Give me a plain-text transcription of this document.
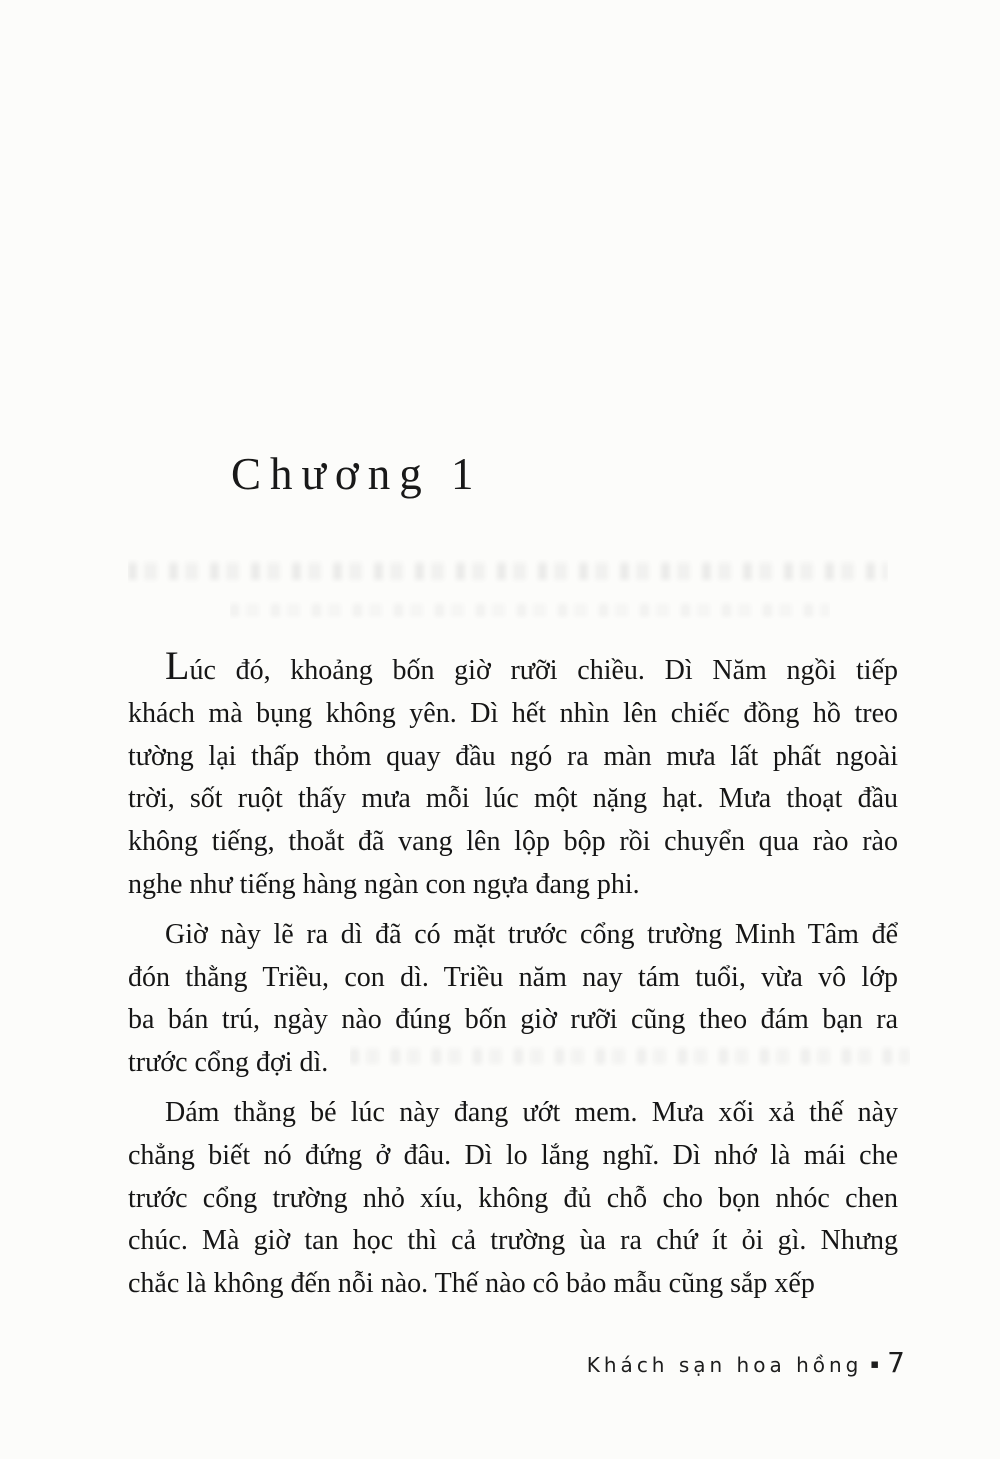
Chương 1
Lúc đó, khoảng bốn giờ rưỡi chiều. Dì Năm ngồi tiếp
khách mà bụng không yên. Dì hết nhìn lên chiếc đồng hồ treo
tường lại thấp thỏm quay đầu ngó ra màn mưa lất phất ngoài
trời, sốt ruột thấy mưa mỗi lúc một nặng hạt. Mưa thoạt đầu
không tiếng, thoắt đã vang lên lộp bộp rồi chuyển qua rào rào
nghe như tiếng hàng ngàn con ngựa đang phi.
Giờ này lẽ ra dì đã có mặt trước cổng trường Minh Tâm để
đón thằng Triều, con dì. Triều năm nay tám tuổi, vừa vô lớp
ba bán trú, ngày nào đúng bốn giờ rưỡi cũng theo đám bạn ra
trước cổng đợi dì.
Dám thằng bé lúc này đang ướt mem. Mưa xối xả thế này
chẳng biết nó đứng ở đâu. Dì lo lắng nghĩ. Dì nhớ là mái che
trước cổng trường nhỏ xíu, không đủ chỗ cho bọn nhóc chen
chúc. Mà giờ tan học thì cả trường ùa ra chứ ít ỏi gì. Nhưng
chắc là không đến nỗi nào. Thế nào cô bảo mẫu cũng sắp xếp
Khách sạn hoa hồng ▪ 7
